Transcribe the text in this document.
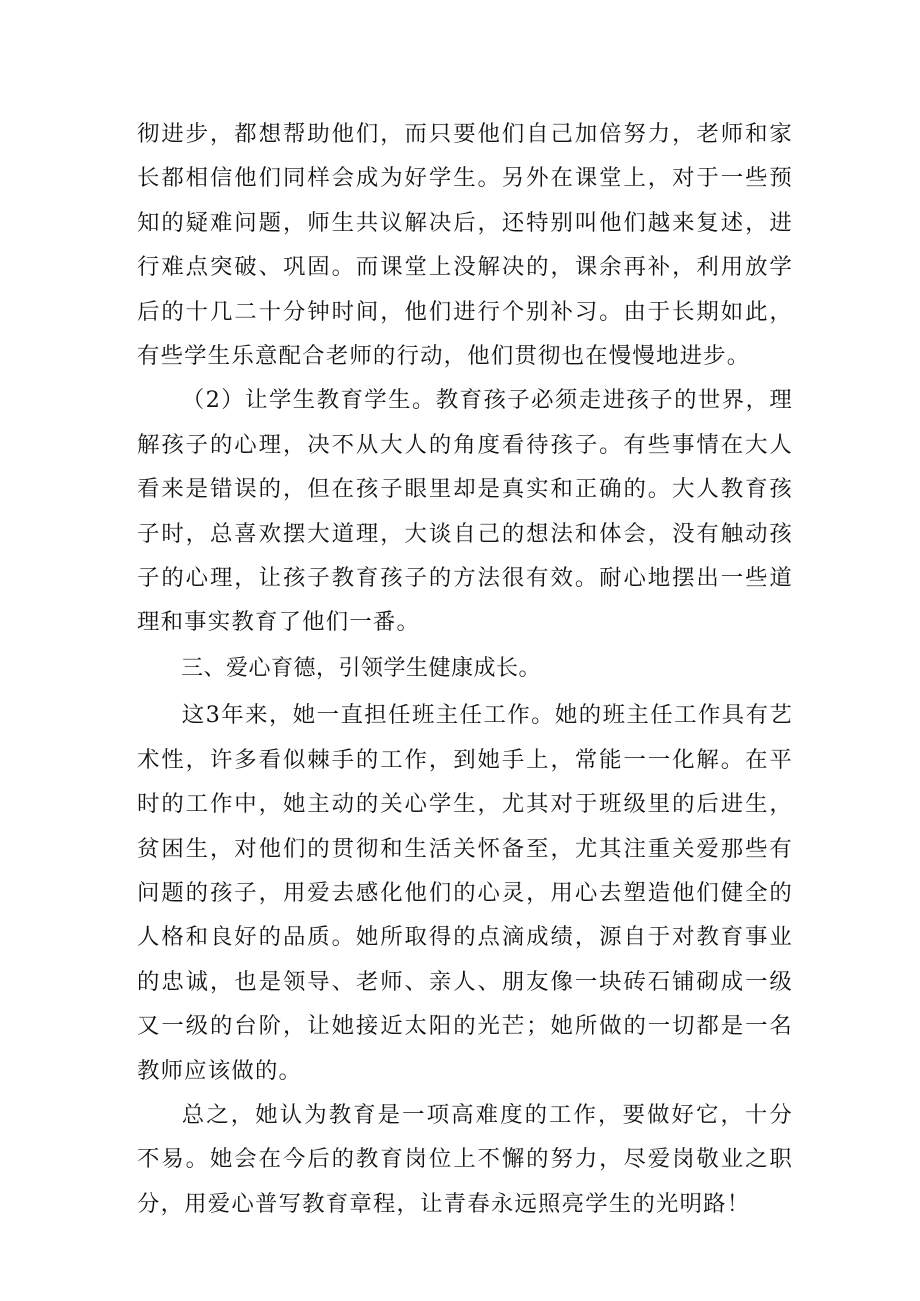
彻进步，都想帮助他们，而只要他们自己加倍努力，老师和家长都相信他们同样会成为好学生。另外在课堂上，对于一些预知的疑难问题，师生共议解决后，还特别叫他们越来复述，进行难点突破、巩固。而课堂上没解决的，课余再补，利用放学后的十几二十分钟时间，他们进行个别补习。由于长期如此，有些学生乐意配合老师的行动，他们贯彻也在慢慢地进步。

（2）让学生教育学生。教育孩子必须走进孩子的世界，理解孩子的心理，决不从大人的角度看待孩子。有些事情在大人看来是错误的，但在孩子眼里却是真实和正确的。大人教育孩子时，总喜欢摆大道理，大谈自己的想法和体会，没有触动孩子的心理，让孩子教育孩子的方法很有效。耐心地摆出一些道理和事实教育了他们一番。

三、爱心育德，引领学生健康成长。

这3年来，她一直担任班主任工作。她的班主任工作具有艺术性，许多看似棘手的工作，到她手上，常能一一化解。在平时的工作中，她主动的关心学生，尤其对于班级里的后进生，贫困生，对他们的贯彻和生活关怀备至，尤其注重关爱那些有问题的孩子，用爱去感化他们的心灵，用心去塑造他们健全的人格和良好的品质。她所取得的点滴成绩，源自于对教育事业的忠诚，也是领导、老师、亲人、朋友像一块砖石铺砌成一级又一级的台阶，让她接近太阳的光芒；她所做的一切都是一名教师应该做的。

总之，她认为教育是一项高难度的工作，要做好它，十分不易。她会在今后的教育岗位上不懈的努力，尽爱岗敬业之职分，用爱心普写教育章程，让青春永远照亮学生的光明路！
